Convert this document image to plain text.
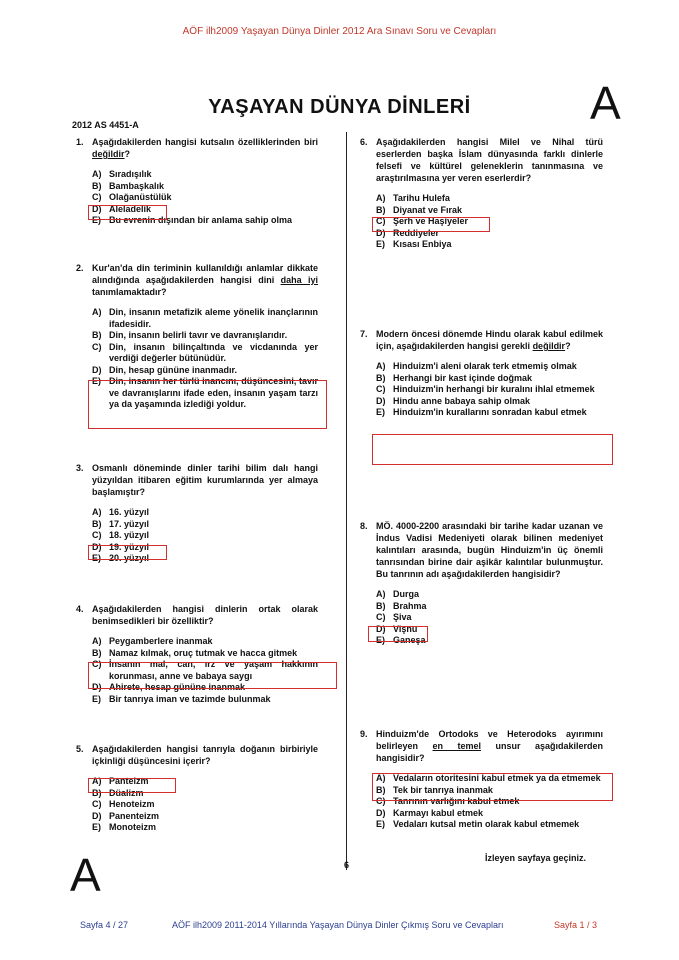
AÖF ilh2009 Yaşayan Dünya Dinler 2012 Ara Sınavı Soru ve Cevapları
A
YAŞAYAN DÜNYA DİNLERİ
2012 AS 4451-A
1. Aşağıdakilerden hangisi kutsalın özelliklerinden biri değildir?
A) Sıradışılık
B) Bambaşkalık
C) Olağanüstülük
D) Aleladelik
E) Bu evrenin dışından bir anlama sahip olma
2. Kur'an'da din teriminin kullanıldığı anlamlar dikkate alındığında aşağıdakilerden hangisi dini daha iyi tanımlamaktadır?
A) Din, insanın metafizik aleme yönelik inançlarının ifadesidir.
B) Din, insanın belirli tavır ve davranışlarıdır.
C) Din, insanın bilinçaltında ve vicdanında yer verdiği değerler bütünüdür.
D) Din, hesap gününe inanmadır.
E) Din, insanın her türlü inancını, düşüncesini, tavır ve davranışlarını ifade eden, insanın yaşam tarzı ya da yaşamında izlediği yoldur.
3. Osmanlı döneminde dinler tarihi bilim dalı hangi yüzyıldan itibaren eğitim kurumlarında yer almaya başlamıştır?
A) 16. yüzyıl
B) 17. yüzyıl
C) 18. yüzyıl
D) 19. yüzyıl
E) 20. yüzyıl
4. Aşağıdakilerden hangisi dinlerin ortak olarak benimsedikleri bir özelliktir?
A) Peygamberlere inanmak
B) Namaz kılmak, oruç tutmak ve hacca gitmek
C) İnsanın mal, can, ırz ve yaşam hakkının korunması, anne ve babaya saygı
D) Ahirete, hesap gününe inanmak
E) Bir tanrıya iman ve tazimde bulunmak
5. Aşağıdakilerden hangisi tanrıyla doğanın birbiriyle içkinliği düşüncesini içerir?
A) Panteizm
B) Düalizm
C) Henoteizm
D) Panenteizm
E) Monoteizm
6. Aşağıdakilerden hangisi Milel ve Nihal türü eserlerden başka İslam dünyasında farklı dinlerle felsefi ve kültürel geleneklerin tanınmasına ve araştırılmasına yer veren eserlerdir?
A) Tarihu Hulefa
B) Diyanat ve Fırak
C) Şerh ve Haşiyeler
D) Reddiyeler
E) Kısası Enbiya
7. Modern öncesi dönemde Hindu olarak kabul edilmek için, aşağıdakilerden hangisi gerekli değildir?
A) Hinduizm'i aleni olarak terk etmemiş olmak
B) Herhangi bir kast içinde doğmak
C) Hinduizm'in herhangi bir kuralını ihlal etmemek
D) Hindu anne babaya sahip olmak
E) Hinduizm'in kurallarını sonradan kabul etmek
8. MÖ. 4000-2200 arasındaki bir tarihe kadar uzanan ve İndus Vadisi Medeniyeti olarak bilinen medeniyet kalıntıları arasında, bugün Hinduizm'in üç önemli tanrısından birine dair aşikâr kalıntılar bulunmuştur. Bu tanrının adı aşağıdakilerden hangisidir?
A) Durga
B) Brahma
C) Şiva
D) Vişnu
E) Ganeşa
9. Hinduizm'de Ortodoks ve Heterodoks ayırımını belirleyen en temel unsur aşağıdakilerden hangisidir?
A) Vedaların otoritesini kabul etmek ya da etmemek
B) Tek bir tanrıya inanmak
C) Tanrının varlığını kabul etmek
D) Karmayı kabul etmek
E) Vedaları kutsal metin olarak kabul etmemek
A	6
İzleyen sayfaya geçiniz.
Sayfa 4 / 27	AÖF ilh2009 2011-2014 Yıllarında Yaşayan Dünya Dinler Çıkmış Soru ve Cevapları	Sayfa 1 / 3
